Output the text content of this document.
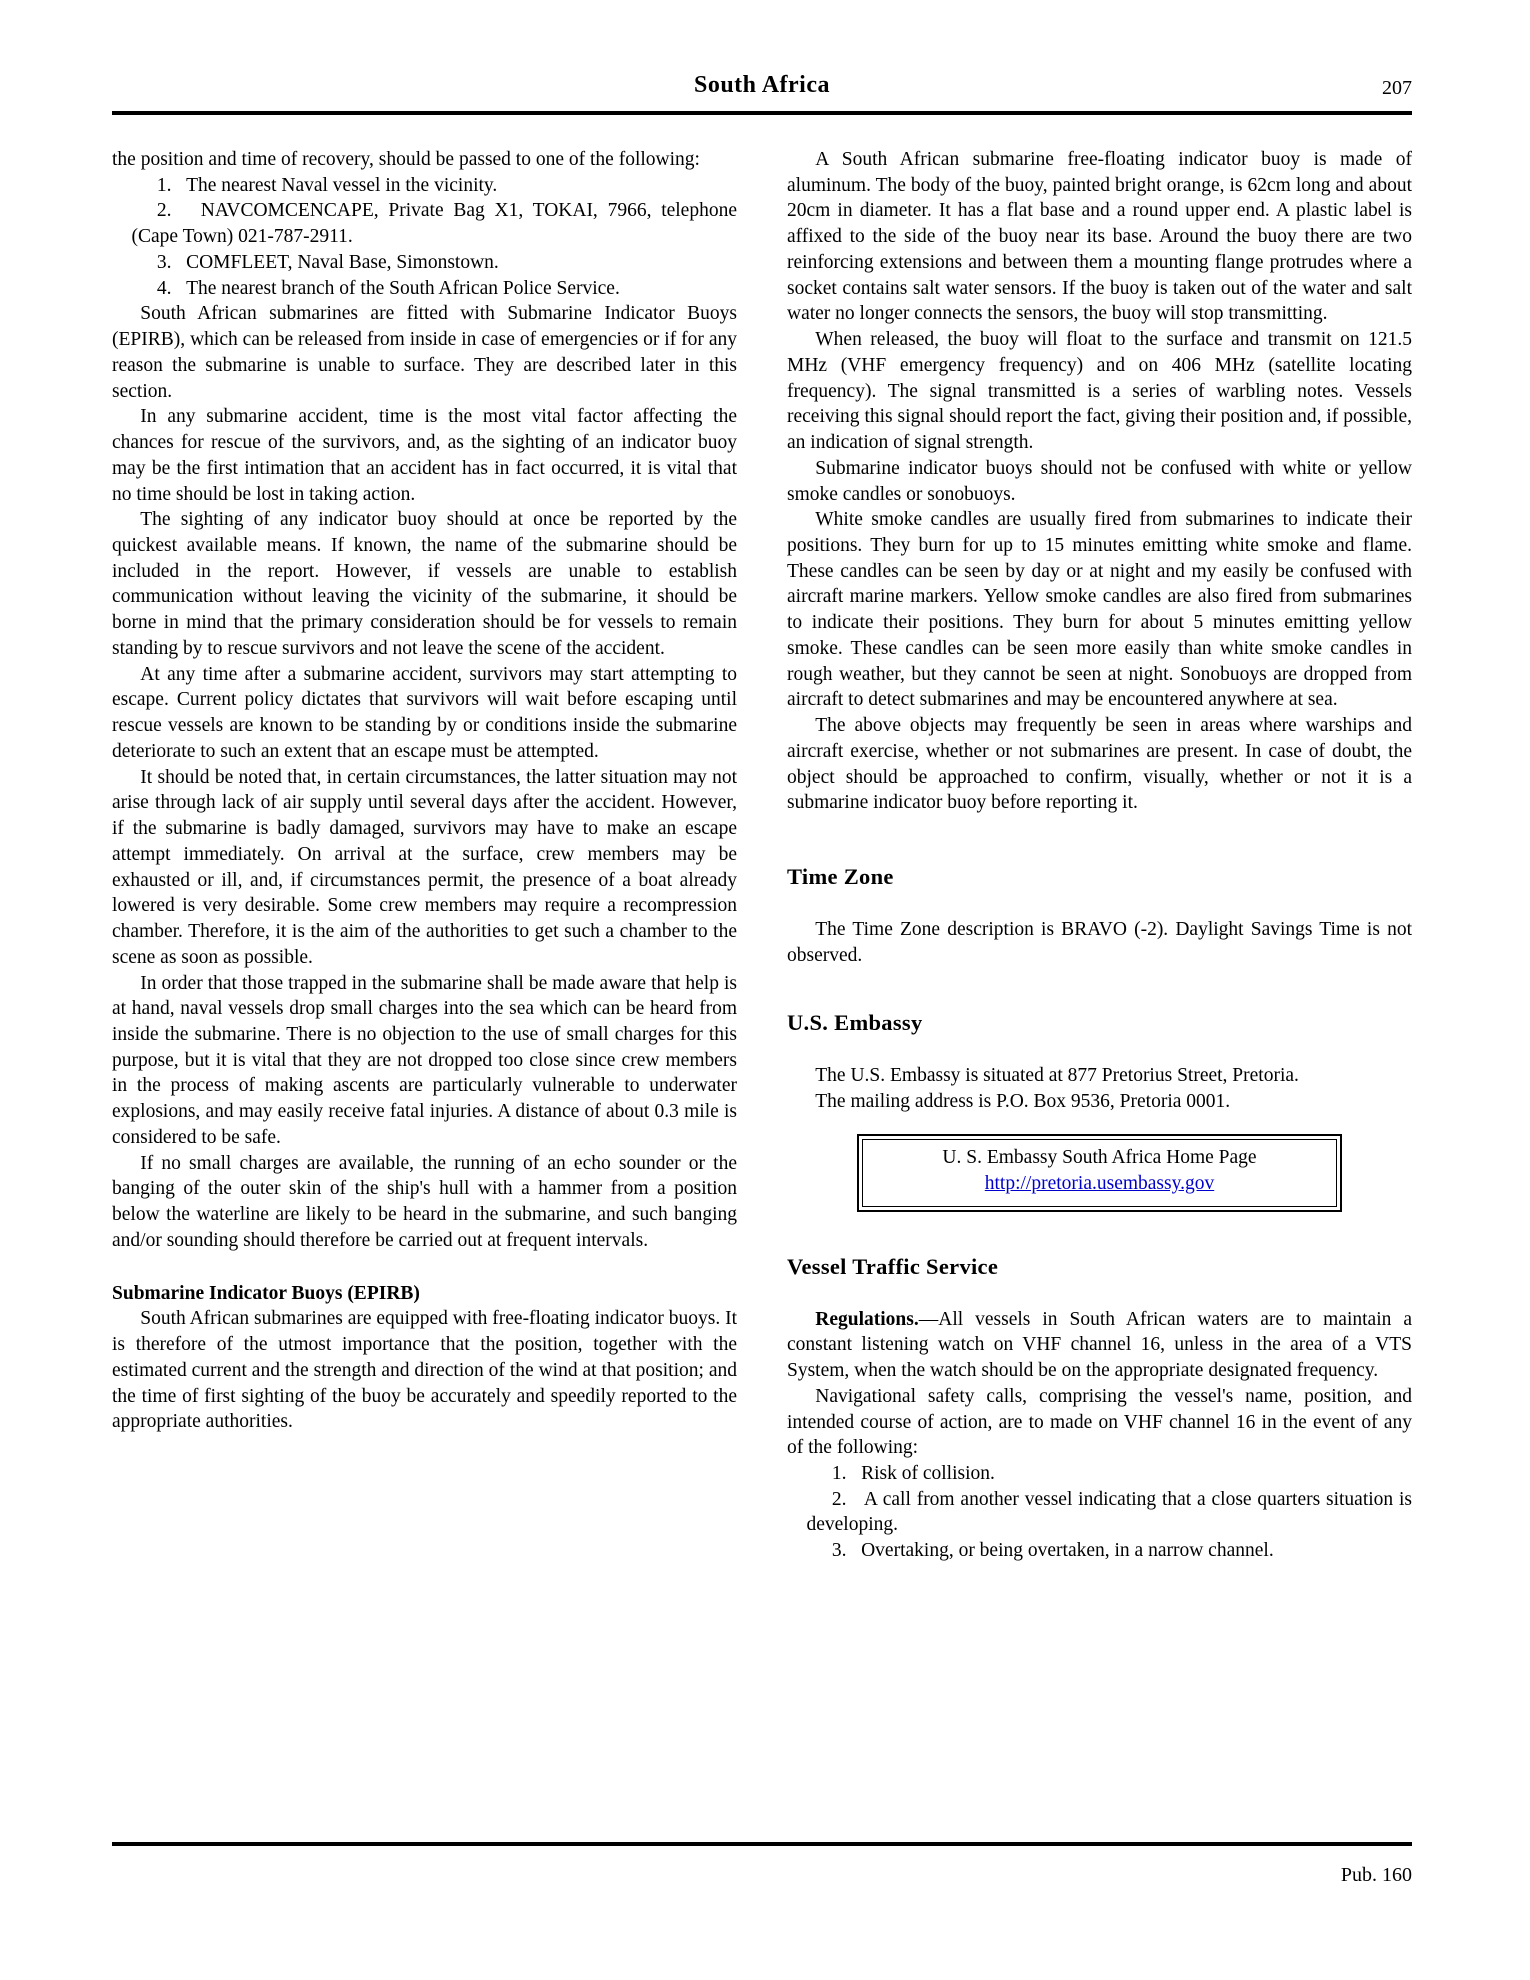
South Africa	207

the position and time of recovery, should be passed to one of the following:

1.   The nearest Naval vessel in the vicinity.

2.   NAVCOMCENCAPE, Private Bag X1, TOKAI, 7966, telephone (Cape Town) 021-787-2911.

3.   COMFLEET, Naval Base, Simonstown.

4.   The nearest branch of the South African Police Service.

South African submarines are fitted with Submarine Indicator Buoys (EPIRB), which can be released from inside in case of emergencies or if for any reason the submarine is unable to surface. They are described later in this section.

In any submarine accident, time is the most vital factor affecting the chances for rescue of the survivors, and, as the sighting of an indicator buoy may be the first intimation that an accident has in fact occurred, it is vital that no time should be lost in taking action.

The sighting of any indicator buoy should at once be reported by the quickest available means. If known, the name of the submarine should be included in the report. However, if vessels are unable to establish communication without leaving the vicinity of the submarine, it should be borne in mind that the primary consideration should be for vessels to remain standing by to rescue survivors and not leave the scene of the accident.

At any time after a submarine accident, survivors may start attempting to escape. Current policy dictates that survivors will wait before escaping until rescue vessels are known to be standing by or conditions inside the submarine deteriorate to such an extent that an escape must be attempted.

It should be noted that, in certain circumstances, the latter situation may not arise through lack of air supply until several days after the accident. However, if the submarine is badly damaged, survivors may have to make an escape attempt immediately. On arrival at the surface, crew members may be exhausted or ill, and, if circumstances permit, the presence of a boat already lowered is very desirable. Some crew members may require a recompression chamber. Therefore, it is the aim of the authorities to get such a chamber to the scene as soon as possible.

In order that those trapped in the submarine shall be made aware that help is at hand, naval vessels drop small charges into the sea which can be heard from inside the submarine. There is no objection to the use of small charges for this purpose, but it is vital that they are not dropped too close since crew members in the process of making ascents are particularly vulnerable to underwater explosions, and may easily receive fatal injuries. A distance of about 0.3 mile is considered to be safe.

If no small charges are available, the running of an echo sounder or the banging of the outer skin of the ship's hull with a hammer from a position below the waterline are likely to be heard in the submarine, and such banging and/or sounding should therefore be carried out at frequent intervals.

Submarine Indicator Buoys (EPIRB)

South African submarines are equipped with free-floating indicator buoys. It is therefore of the utmost importance that the position, together with the estimated current and the strength and direction of the wind at that position; and the time of first sighting of the buoy be accurately and speedily reported to the appropriate authorities.

A South African submarine free-floating indicator buoy is made of aluminum. The body of the buoy, painted bright orange, is 62cm long and about 20cm in diameter. It has a flat base and a round upper end. A plastic label is affixed to the side of the buoy near its base. Around the buoy there are two reinforcing extensions and between them a mounting flange protrudes where a socket contains salt water sensors. If the buoy is taken out of the water and salt water no longer connects the sensors, the buoy will stop transmitting.

When released, the buoy will float to the surface and transmit on 121.5 MHz (VHF emergency frequency) and on 406 MHz (satellite locating frequency). The signal transmitted is a series of warbling notes. Vessels receiving this signal should report the fact, giving their position and, if possible, an indication of signal strength.

Submarine indicator buoys should not be confused with white or yellow smoke candles or sonobuoys.

White smoke candles are usually fired from submarines to indicate their positions. They burn for up to 15 minutes emitting white smoke and flame. These candles can be seen by day or at night and my easily be confused with aircraft marine markers. Yellow smoke candles are also fired from submarines to indicate their positions. They burn for about 5 minutes emitting yellow smoke. These candles can be seen more easily than white smoke candles in rough weather, but they cannot be seen at night. Sonobuoys are dropped from aircraft to detect submarines and may be encountered anywhere at sea.

The above objects may frequently be seen in areas where warships and aircraft exercise, whether or not submarines are present. In case of doubt, the object should be approached to confirm, visually, whether or not it is a submarine indicator buoy before reporting it.

Time Zone

The Time Zone description is BRAVO (-2). Daylight Savings Time is not observed.

U.S. Embassy

The U.S. Embassy is situated at 877 Pretorius Street, Pretoria.

The mailing address is P.O. Box 9536, Pretoria 0001.

U. S. Embassy South Africa Home Page
http://pretoria.usembassy.gov
Vessel Traffic Service

Regulations.—All vessels in South African waters are to maintain a constant listening watch on VHF channel 16, unless in the area of a VTS System, when the watch should be on the appropriate designated frequency.

Navigational safety calls, comprising the vessel's name, position, and intended course of action, are to made on VHF channel 16 in the event of any of the following:

1.   Risk of collision.

2.   A call from another vessel indicating that a close quarters situation is developing.

3.   Overtaking, or being overtaken, in a narrow channel.

Pub. 160
